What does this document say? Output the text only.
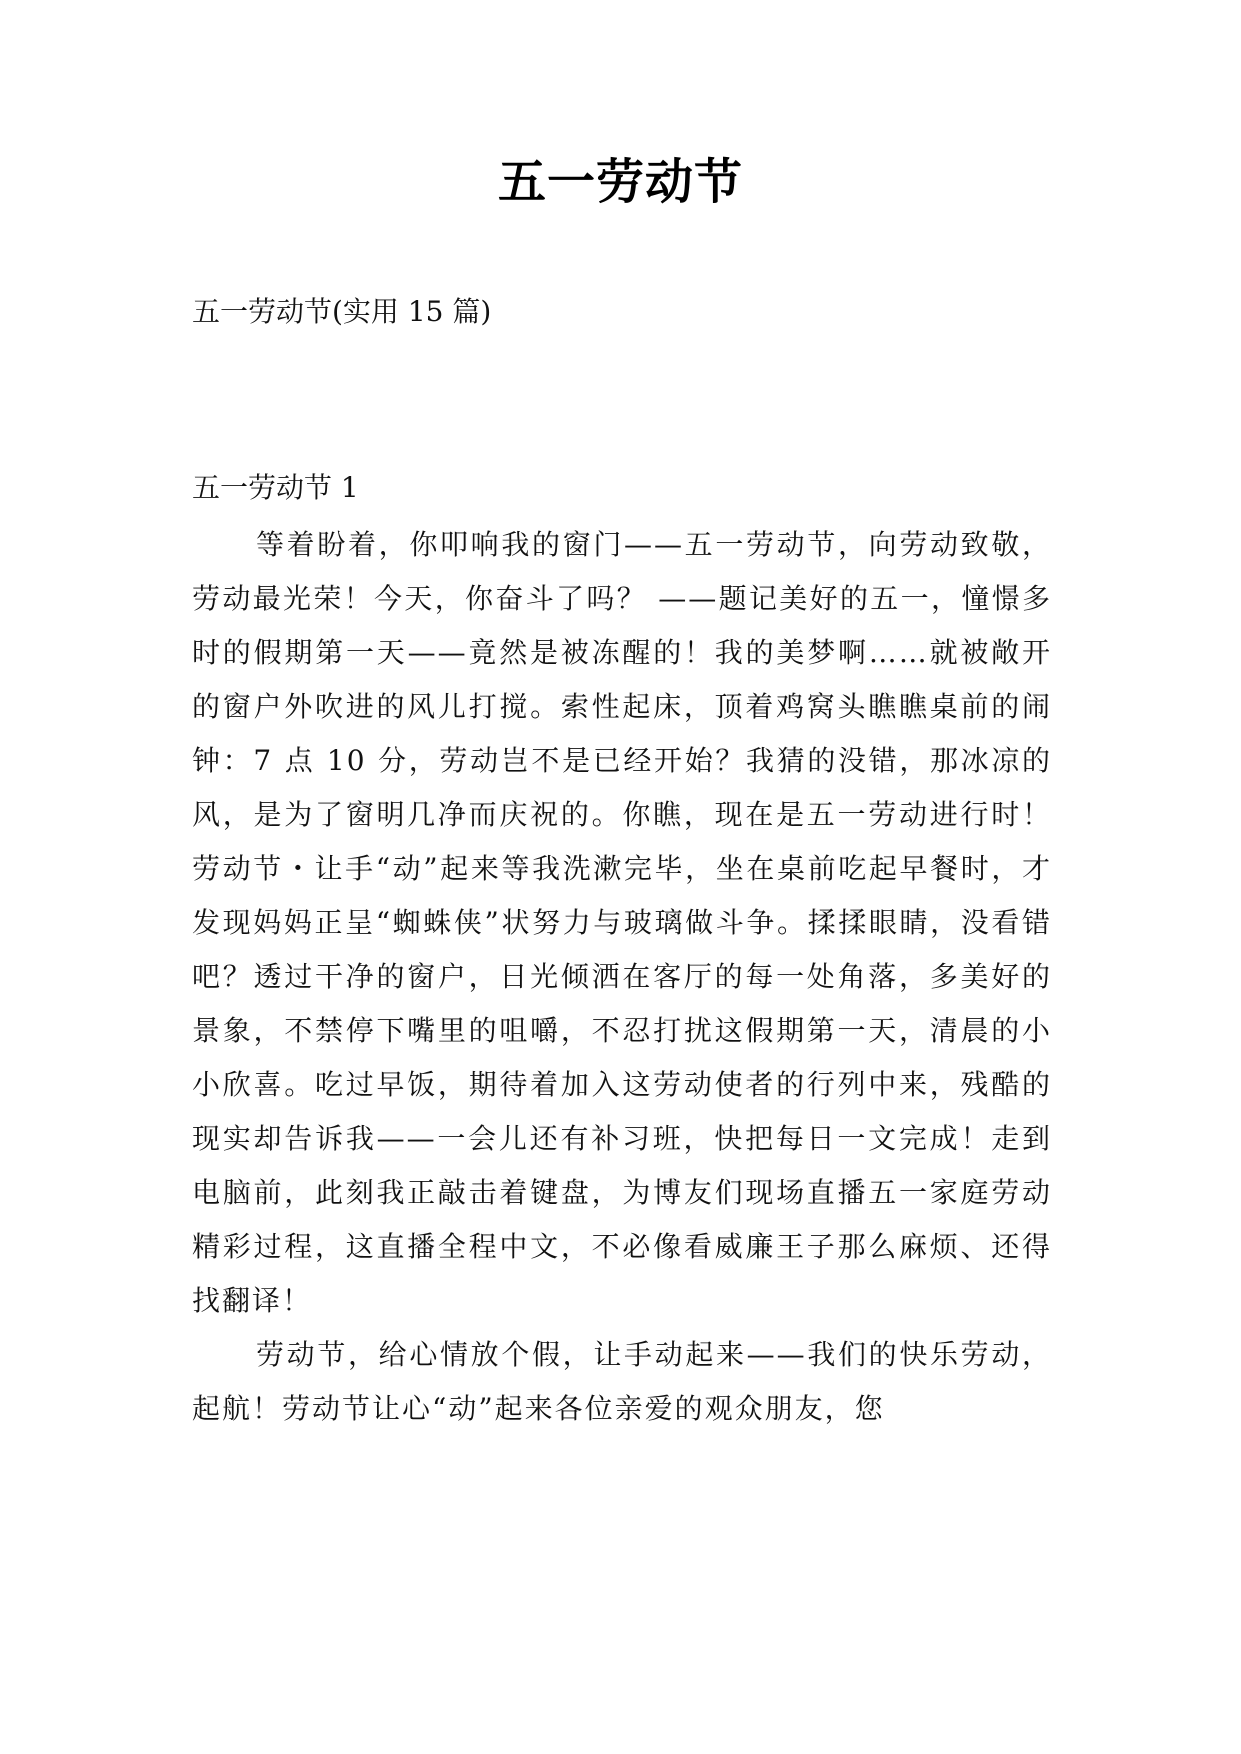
五一劳动节
五一劳动节(实用 15 篇)
五一劳动节 1

等着盼着，你叩响我的窗门——五一劳动节，向劳动致敬，劳动最光荣！今天，你奋斗了吗？ ——题记美好的五一，憧憬多时的假期第一天——竟然是被冻醒的！我的美梦啊……就被敞开的窗户外吹进的风儿打搅。索性起床，顶着鸡窝头瞧瞧桌前的闹钟：7 点 10 分，劳动岂不是已经开始？我猜的没错，那冰凉的风，是为了窗明几净而庆祝的。你瞧，现在是五一劳动进行时！劳动节・让手“动”起来等我洗漱完毕，坐在桌前吃起早餐时，才发现妈妈正呈“蜘蛛侠”状努力与玻璃做斗争。揉揉眼睛，没看错吧？透过干净的窗户，日光倾洒在客厅的每一处角落，多美好的景象，不禁停下嘴里的咀嚼，不忍打扰这假期第一天，清晨的小小欣喜。吃过早饭，期待着加入这劳动使者的行列中来，残酷的现实却告诉我——一会儿还有补习班，快把每日一文完成！走到电脑前，此刻我正敲击着键盘，为博友们现场直播五一家庭劳动精彩过程，这直播全程中文，不必像看威廉王子那么麻烦、还得找翻译！

劳动节，给心情放个假，让手动起来——我们的快乐劳动，起航！劳动节让心“动”起来各位亲爱的观众朋友，您
